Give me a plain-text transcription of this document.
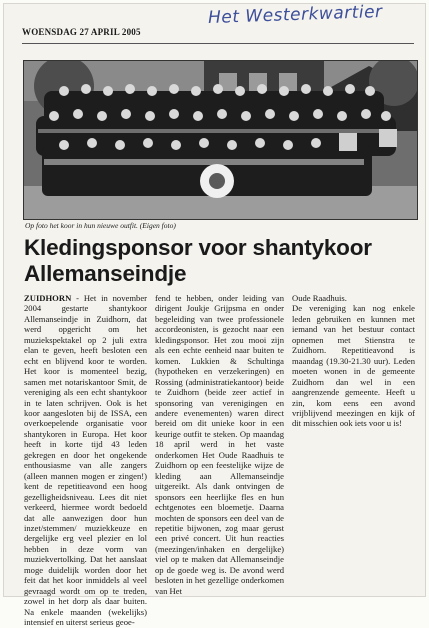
Het Westerkwartier
WOENSDAG 27 APRIL 2005
Op foto het koor in hun nieuwe outfit. (Eigen foto)
Kledingsponsor voor shantykoor Allemanseindje

ZUIDHORN - Het in november 2004 gestarte shantykoor Allemanseindje in Zuidhorn, dat werd opgericht om het muziekspektakel op 2 juli extra elan te geven, heeft besloten een echt en blijvend koor te worden. Het koor is momenteel bezig, samen met notariskantoor Smit, de vereniging als een echt shantykoor in te laten schrijven. Ook is het koor aangesloten bij de ISSA, een overkoepelende organisatie voor shantykoren in Europa. Het koor heeft in korte tijd 43 leden gekregen en door het ongekende enthousiasme van alle zangers (alleen mannen mogen er zingen!) kent de repetitieavond een hoog gezelligheidsniveau. Lees dit niet verkeerd, hiermee wordt bedoeld dat alle aanwezigen door hun inzet/stemmen/ muziekkeuze en dergelijke erg veel plezier en lol hebben in deze vorm van muziekvertolking. Dat het aanslaat moge duidelijk worden door het feit dat het koor inmiddels al veel gevraagd wordt om op te treden, zowel in het dorp als daar buiten. Na enkele maanden (wekelijks) intensief en uiterst serieus geoe-

fend te hebben, onder leiding van dirigent Joukje Grijpsma en onder begeleiding van twee professionele accordeonisten, is gezocht naar een kledingsponsor. Het zou mooi zijn als een echte eenheid naar buiten te komen. Lukkien & Schultinga (hypotheken en verzekeringen) en Rossing (administratiekantoor) beide te Zuidhorn (beide zeer actief in sponsoring van verenigingen en andere evenementen) waren direct bereid om dit unieke koor in een keurige outfit te steken. Op maandag 18 april werd in het vaste onderkomen Het Oude Raadhuis te Zuidhorn op een feestelijke wijze de kleding aan Allemanseindje uitgereikt. Als dank ontvingen de sponsors een heerlijke fles en hun echtgenotes een bloemetje. Daarna mochten de sponsors een deel van de repetitie bijwonen, zog maar gerust een privé concert. Uit hun reacties (meezingen/inhaken en dergelijke) viel op te maken dat Allemanseindje op de goede weg is. De avond werd besloten in het gezellige onderkomen van Het

Oude Raadhuis.

De vereniging kan nog enkele leden gebruiken en kunnen met iemand van het bestuur contact opnemen met Stienstra te Zuidhorn. Repetitieavond is maandag (19.30-21.30 uur). Leden moeten wonen in de gemeente Zuidhorn dan wel in een aangrenzende gemeente. Heeft u zin, kom eens een avond vrijblijvend meezingen en kijk of dit misschien ook iets voor u is!
